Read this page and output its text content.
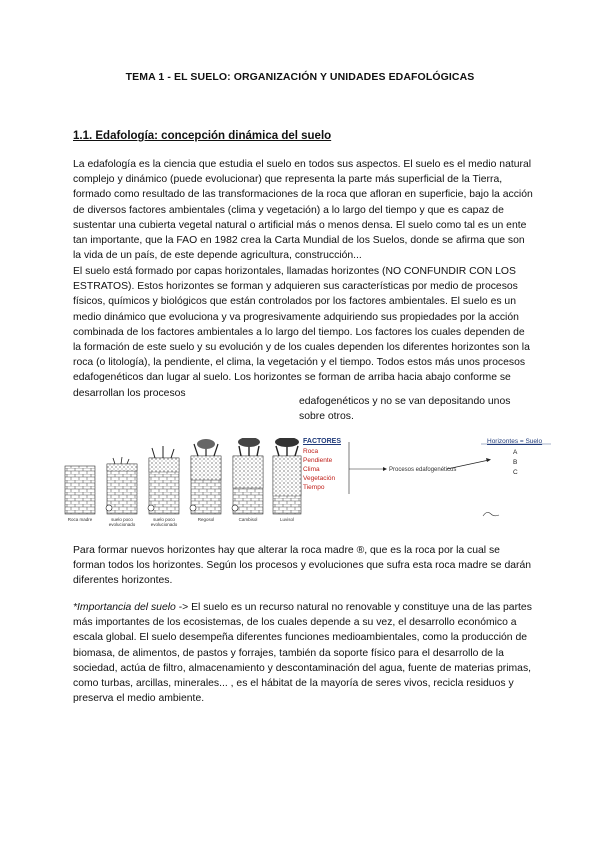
TEMA 1 - EL SUELO: ORGANIZACIÓN Y UNIDADES EDAFOLÓGICAS
1.1. Edafología: concepción dinámica del suelo

La edafología es la ciencia que estudia el suelo en todos sus aspectos. El suelo es el medio natural complejo y dinámico (puede evolucionar) que representa la parte más superficial de la Tierra, formado como resultado de las transformaciones de la roca que afloran en superficie, bajo la acción de diversos factores ambientales (clima y vegetación) a lo largo del tiempo y que es capaz de sustentar una cubierta vegetal natural o artificial más o menos densa. El suelo como tal es un ente tan importante, que la FAO en 1982 crea la Carta Mundial de los Suelos, donde se afirma que son la vida de un país, de este depende agricultura, construcción...

El suelo está formado por capas horizontales, llamadas horizontes (NO CONFUNDIR CON LOS ESTRATOS). Estos horizontes se forman y adquieren sus características por medio de procesos físicos, químicos y biológicos que están controlados por los factores ambientales. El suelo es un medio dinámico que evoluciona y va progresivamente adquiriendo sus propiedades por la acción combinada de los factores ambientales a lo largo del tiempo. Los factores los cuales dependen de la formación de este suelo y su evolución y de los cuales dependen los diferentes horizontes son la roca (o litología), la pendiente, el clima, la vegetación y el tiempo. Todos estos más unos procesos edafogenéticos dan lugar al suelo. Los horizontes se forman de arriba hacia abajo conforme se desarrollan los procesos

edafogenéticos y no se van depositando unos sobre otros.

Roca madre	suelo poco evolucionado
suelo poco evolucionado
Regosol	Cambisol	Luvisol
FACTORES
Roca
Pendiente
Clima
Vegetación
Tiempo
Procesos edafogenéticos
Horizontes = Suelo
A
B
C

Para formar nuevos horizontes hay que alterar la roca madre ®, que es la roca por la cual se forman todos los horizontes. Según los procesos y evoluciones que sufra esta roca madre se darán diferentes horizontes.

*Importancia del suelo -> El suelo es un recurso natural no renovable y constituye una de las partes más importantes de los ecosistemas, de los cuales depende a su vez, el desarrollo económico a escala global. El suelo desempeña diferentes funciones medioambientales, como la producción de biomasa, de alimentos, de pastos y forrajes, también da soporte físico para el desarrollo de la sociedad, actúa de filtro, almacenamiento y descontaminación del agua, fuente de materias primas, como turbas, arcillas, minerales... , es el hábitat de la mayoría de seres vivos, recicla residuos y preserva el medio ambiente.
